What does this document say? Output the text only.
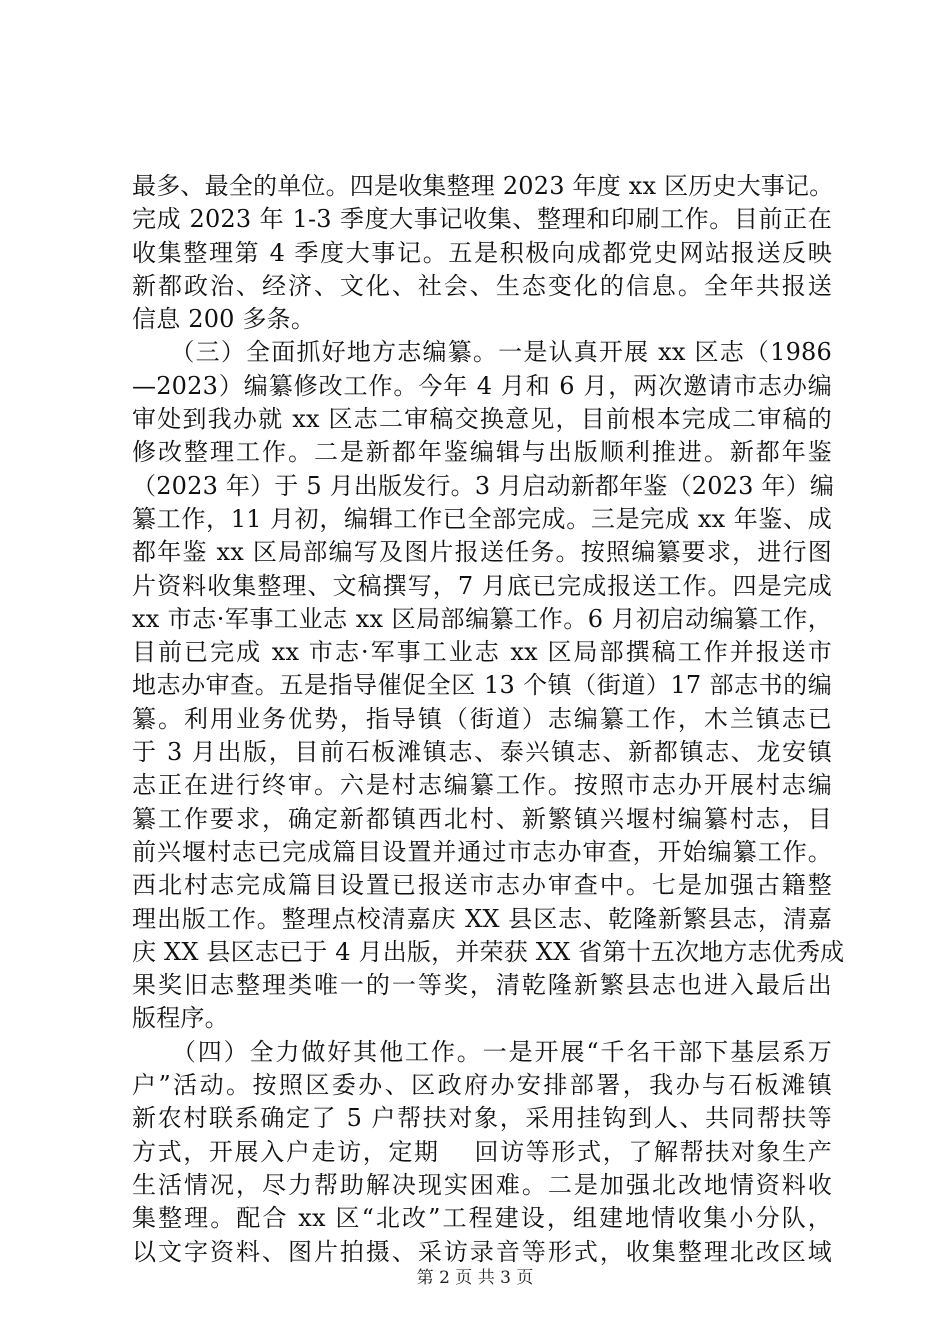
最多、最全的单位。四是收集整理 2023 年度 xx 区历史大事记。
完成 2023 年 1-3 季度大事记收集、整理和印刷工作。目前正在
收集整理第 4 季度大事记。五是积极向成都党史网站报送反映
新都政治、经济、文化、社会、生态变化的信息。全年共报送
信息 200 多条。
　　（三）全面抓好地方志编纂。一是认真开展 xx 区志（1986
—2023）编纂修改工作。今年 4 月和 6 月，两次邀请市志办编
审处到我办就 xx 区志二审稿交换意见，目前根本完成二审稿的
修改整理工作。二是新都年鉴编辑与出版顺利推进。新都年鉴
（2023 年）于 5 月出版发行。3 月启动新都年鉴（2023 年）编
纂工作，11 月初，编辑工作已全部完成。三是完成 xx 年鉴、成
都年鉴 xx 区局部编写及图片报送任务。按照编纂要求，进行图
片资料收集整理、文稿撰写，7 月底已完成报送工作。四是完成
xx 市志·军事工业志 xx 区局部编纂工作。6 月初启动编纂工作，
目前已完成 xx 市志·军事工业志 xx 区局部撰稿工作并报送市
地志办审查。五是指导催促全区 13 个镇（街道）17 部志书的编
纂。利用业务优势，指导镇（街道）志编纂工作，木兰镇志已
于 3 月出版，目前石板滩镇志、泰兴镇志、新都镇志、龙安镇
志正在进行终审。六是村志编纂工作。按照市志办开展村志编
纂工作要求，确定新都镇西北村、新繁镇兴堰村编纂村志，目
前兴堰村志已完成篇目设置并通过市志办审查，开始编纂工作。
西北村志完成篇目设置已报送市志办审查中。七是加强古籍整
理出版工作。整理点校清嘉庆 XX 县区志、乾隆新繁县志，清嘉
庆 XX 县区志已于 4 月出版，并荣获 XX 省第十五次地方志优秀成
果奖旧志整理类唯一的一等奖，清乾隆新繁县志也进入最后出
版程序。
　　（四）全力做好其他工作。一是开展“千名干部下基层系万
户”活动。按照区委办、区政府办安排部署，我办与石板滩镇
新农村联系确定了 5 户帮扶对象，采用挂钩到人、共同帮扶等
方式，开展入户走访，定期　 回访等形式，了解帮扶对象生产
生活情况，尽力帮助解决现实困难。二是加强北改地情资料收
集整理。配合 xx 区“北改”工程建设，组建地情收集小分队，
以文字资料、图片拍摄、采访录音等形式，收集整理北改区域
第 2 页 共 3 页
